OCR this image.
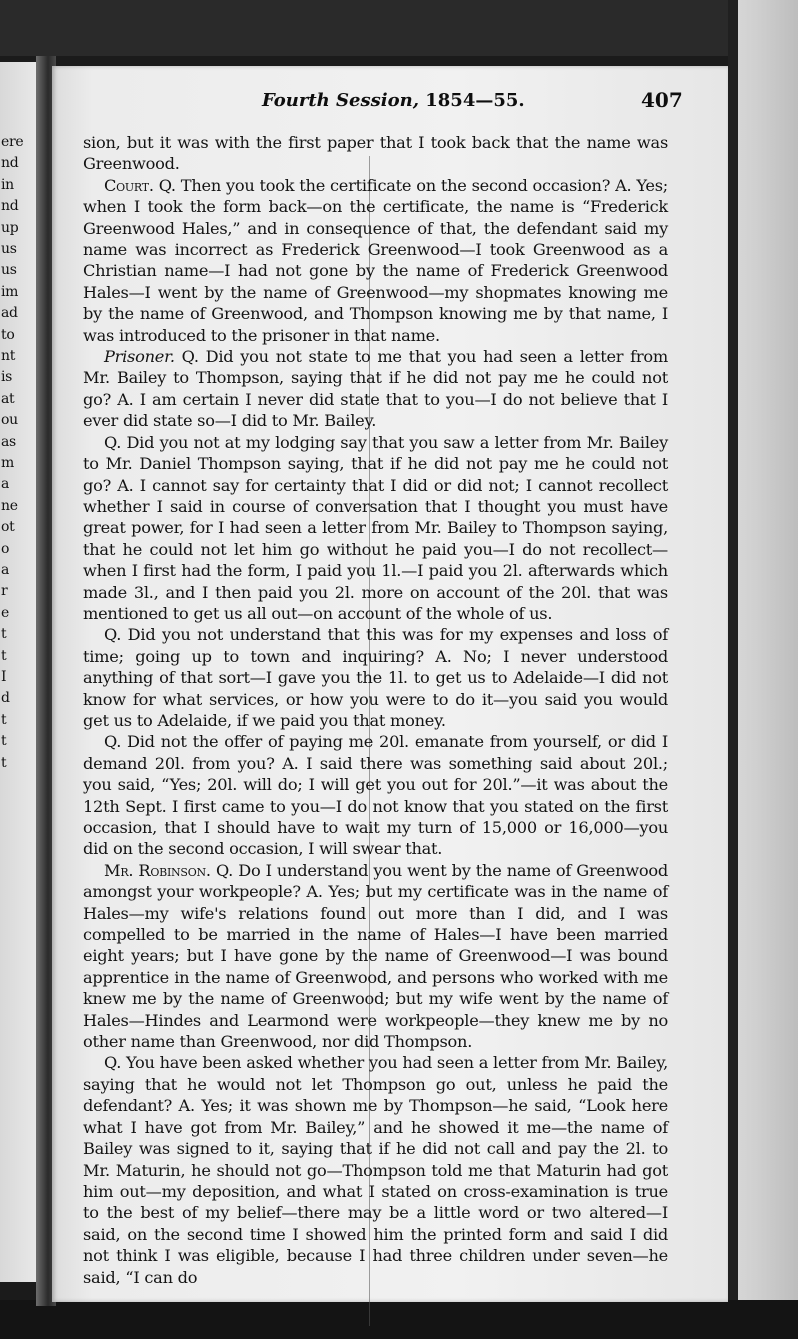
ere
nd
in
nd
up
us
us
im
ad
to
nt
is
at
ou
as
m
a
ne
ot
o
a
r
e
t
t
I
d
t
t
t
Fourth Session, 1854—55.	407

sion, but it was with the first paper that I took back that the name was Greenwood.

Court. Q. Then you took the certificate on the second occasion? A. Yes; when I took the form back—on the certificate, the name is “Frederick Greenwood Hales,” and in consequence of that, the defendant said my name was incorrect as Frederick Greenwood—I took Greenwood as a Christian name—I had not gone by the name of Frederick Greenwood Hales—I went by the name of Greenwood—my shopmates knowing me by the name of Greenwood, and Thompson knowing me by that name, I was introduced to the prisoner in that name.

Prisoner. Q. Did you not state to me that you had seen a letter from Mr. Bailey to Thompson, saying that if he did not pay me he could not go? A. I am certain I never did state that to you—I do not believe that I ever did state so—I did to Mr. Bailey.

Q. Did you not at my lodging say that you saw a letter from Mr. Bailey to Mr. Daniel Thompson saying, that if he did not pay me he could not go? A. I cannot say for certainty that I did or did not; I cannot recollect whether I said in course of conversation that I thought you must have great power, for I had seen a letter from Mr. Bailey to Thompson saying, that he could not let him go without he paid you—I do not recollect—when I first had the form, I paid you 1l.—I paid you 2l. afterwards which made 3l., and I then paid you 2l. more on account of the 20l. that was mentioned to get us all out—on account of the whole of us.

Q. Did you not understand that this was for my expenses and loss of time; going up to town and inquiring? A. No; I never understood anything of that sort—I gave you the 1l. to get us to Adelaide—I did not know for what services, or how you were to do it—you said you would get us to Adelaide, if we paid you that money.

Q. Did not the offer of paying me 20l. emanate from yourself, or did I demand 20l. from you? A. I said there was something said about 20l.; you said, “Yes; 20l. will do; I will get you out for 20l.”—it was about the 12th Sept. I first came to you—I do not know that you stated on the first occasion, that I should have to wait my turn of 15,000 or 16,000—you did on the second occasion, I will swear that.

Mr. Robinson. Q. Do I understand you went by the name of Greenwood amongst your workpeople? A. Yes; but my certificate was in the name of Hales—my wife's relations found out more than I did, and I was compelled to be married in the name of Hales—I have been married eight years; but I have gone by the name of Greenwood—I was bound apprentice in the name of Greenwood, and persons who worked with me knew me by the name of Greenwood; but my wife went by the name of Hales—Hindes and Learmond were workpeople—they knew me by no other name than Greenwood, nor did Thompson.

Q. You have been asked whether you had seen a letter from Mr. Bailey, saying that he would not let Thompson go out, unless he paid the defendant? A. Yes; it was shown me by Thompson—he said, “Look here what I have got from Mr. Bailey,” and he showed it me—the name of Bailey was signed to it, saying that if he did not call and pay the 2l. to Mr. Maturin, he should not go—Thompson told me that Maturin had got him out—my deposition, and what I stated on cross-examination is true to the best of my belief—there may be a little word or two altered—I said, on the second time I showed him the printed form and said I did not think I was eligible, because I had three children under seven—he said, “I can do
